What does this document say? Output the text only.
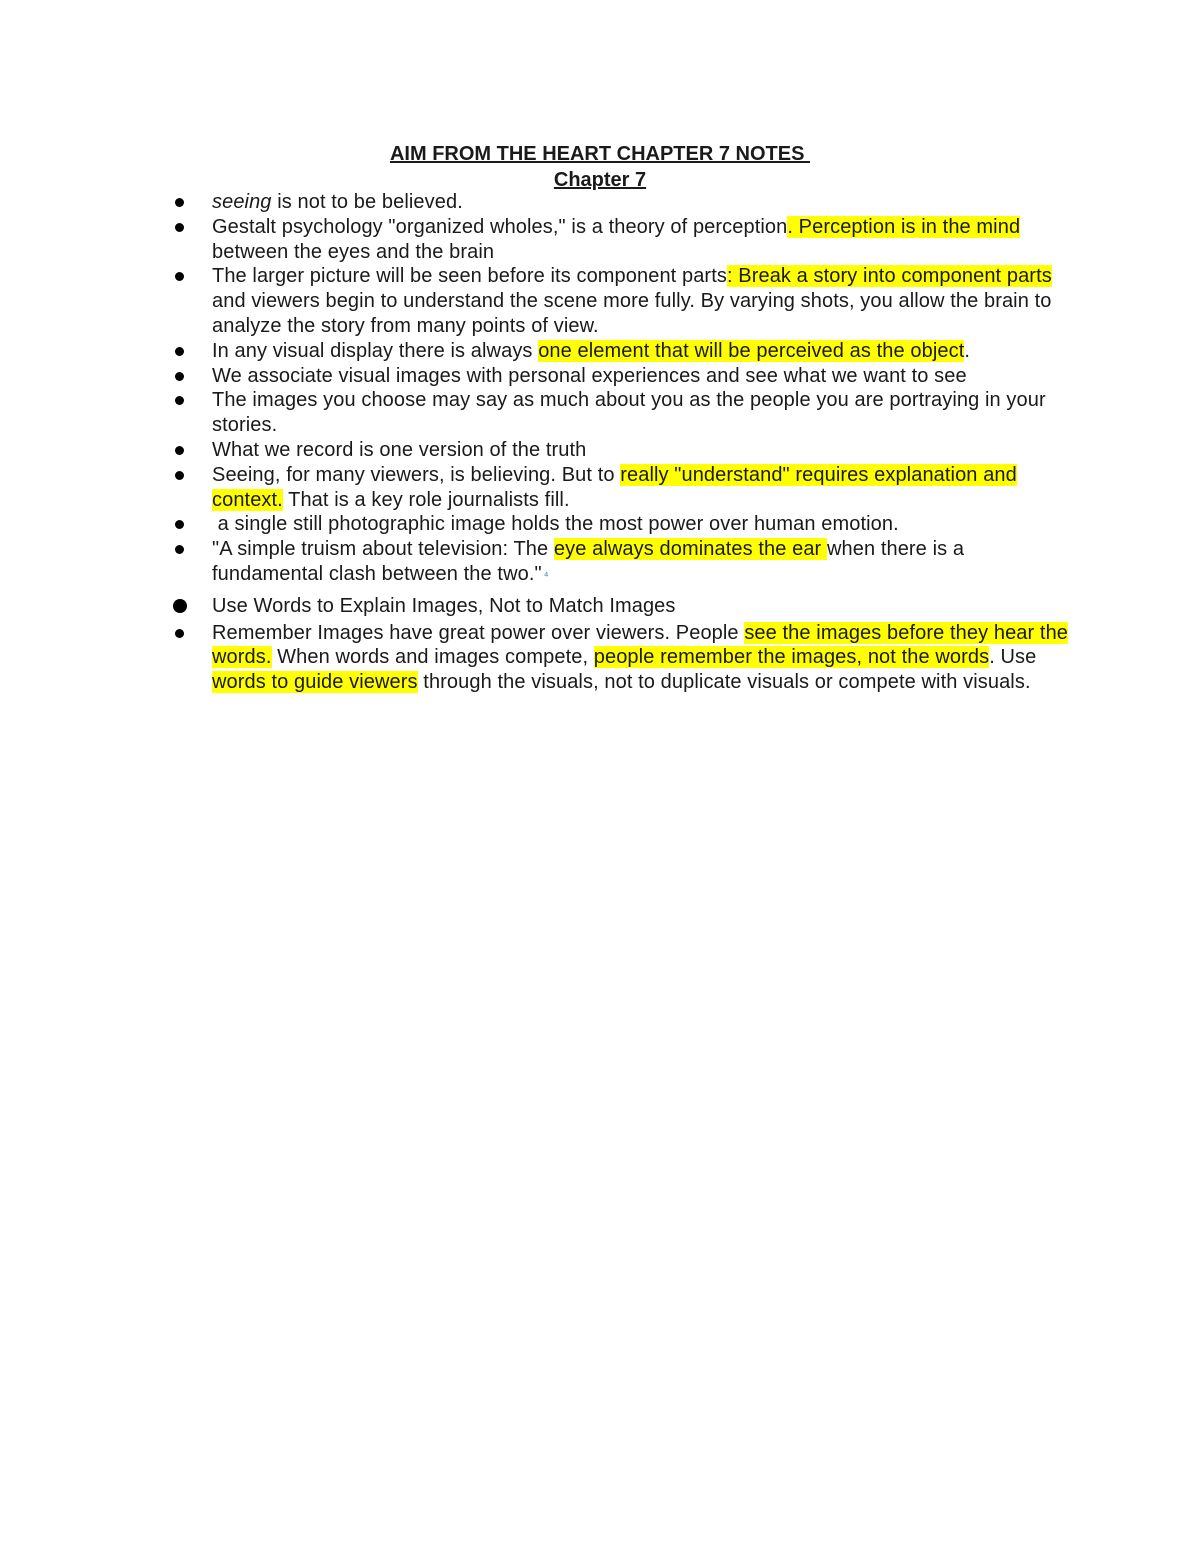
AIM FROM THE HEART CHAPTER 7 NOTES
Chapter 7
seeing is not to be believed.
Gestalt psychology "organized wholes," is a theory of perception. Perception is in the mind between the eyes and the brain
The larger picture will be seen before its component parts: Break a story into component parts and viewers begin to understand the scene more fully. By varying shots, you allow the brain to analyze the story from many points of view.
In any visual display there is always one element that will be perceived as the object.
We associate visual images with personal experiences and see what we want to see
The images you choose may say as much about you as the people you are portraying in your stories.
What we record is one version of the truth
Seeing, for many viewers, is believing. But to really "understand" requires explanation and context. That is a key role journalists fill.
a single still photographic image holds the most power over human emotion.
"A simple truism about television: The eye always dominates the ear when there is a fundamental clash between the two." ⁴
Use Words to Explain Images, Not to Match Images
Remember Images have great power over viewers. People see the images before they hear the words. When words and images compete, people remember the images, not the words. Use words to guide viewers through the visuals, not to duplicate visuals or compete with visuals.
